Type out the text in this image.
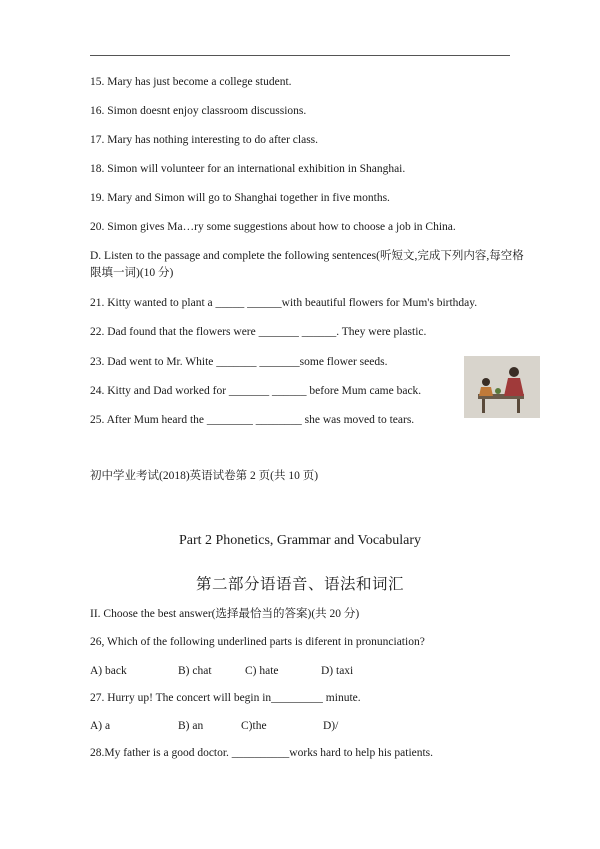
15. Mary has just become a college student.
16. Simon doesnt enjoy classroom discussions.
17. Mary has nothing interesting to do after class.
18. Simon will volunteer for an international exhibition in Shanghai.
19. Mary and Simon will go to Shanghai together in five months.
20. Simon gives Ma…ry some suggestions about how to choose a job in China.
D. Listen to the passage and complete the following sentences(听短文,完成下列内容,每空格限填一词)(10 分)
21. Kitty wanted to plant a _____ ______with beautiful flowers for Mum's birthday.
22. Dad found that the flowers were _______ ______. They were plastic.
23. Dad went to Mr. White _______ _______some flower seeds.
24. Kitty and Dad worked for _______ ______ before Mum came back.
25. After Mum heard the ________ ________ she was moved to tears.
初中学业考试(2018)英语试卷第 2 页(共 10 页)
Part 2 Phonetics, Grammar and Vocabulary
第二部分语语音、语法和词汇
II. Choose the best answer(选择最恰当的答案)(共 20 分)
26, Which of the following underlined parts is diferent in pronunciation?
A) back	B) chat	C) hate	D) taxi
27. Hurry up! The concert will begin in_________ minute.
A) a	B) an	C)the	D)/
28.My father is a good doctor. __________works hard to help his patients.
